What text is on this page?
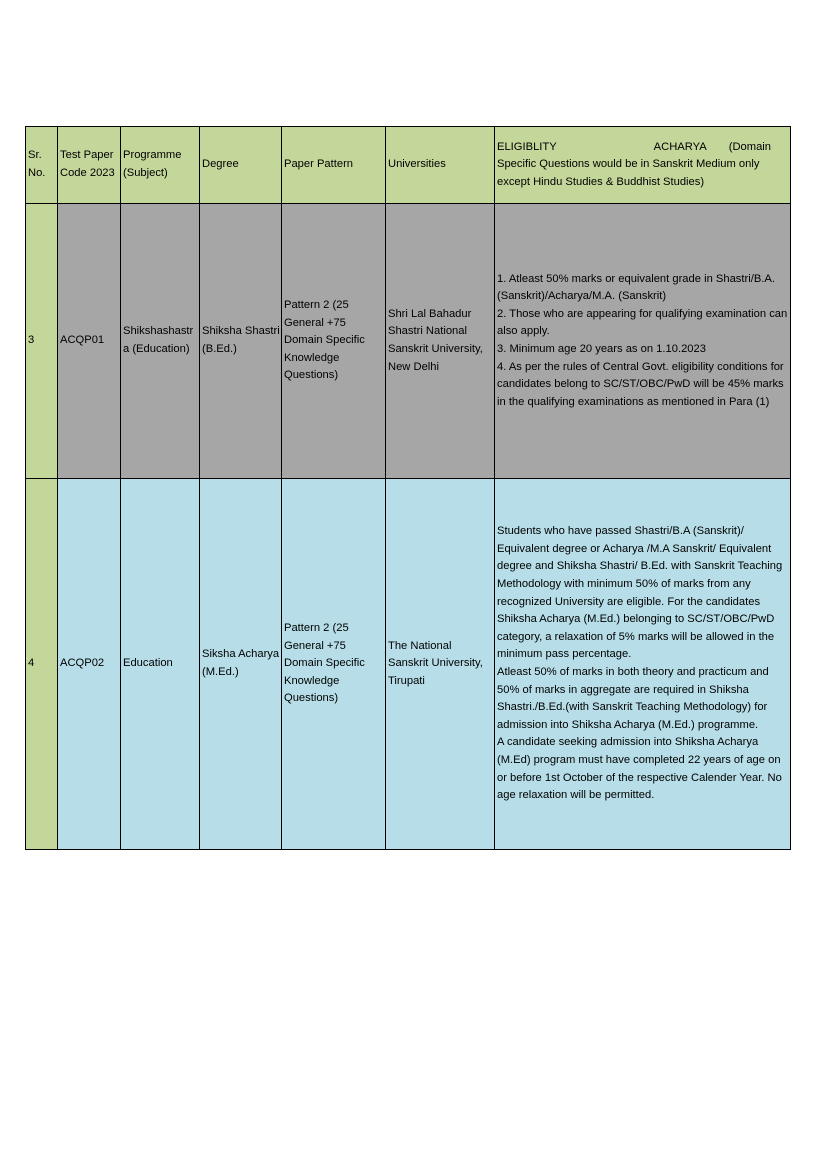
Sr. No.	Test Paper Code 2023	Programme (Subject)	Degree	Paper Pattern	Universities	ELIGIBLITY ACHARYA (Domain
Specific Questions would be in Sanskrit Medium only except Hindu Studies & Buddhist Studies)

3	ACQP01	Shikshashastra (Education)	Shiksha Shastri (B.Ed.)	Pattern 2 (25 General +75 Domain Specific Knowledge Questions)	Shri Lal Bahadur Shastri National Sanskrit University, New Delhi	1. Atleast 50% marks or equivalent grade in Shastri/B.A. (Sanskrit)/Acharya/M.A. (Sanskrit)
2. Those who are appearing for qualifying examination can also apply.
3. Minimum age 20 years as on 1.10.2023
4. As per the rules of Central Govt. eligibility conditions for candidates belong to SC/ST/OBC/PwD will be 45% marks in the qualifying examinations as mentioned in Para (1)

4	ACQP02	Education	Siksha Acharya (M.Ed.)	Pattern 2 (25 General +75 Domain Specific Knowledge Questions)	The National Sanskrit University, Tirupati	Students who have passed Shastri/B.A (Sanskrit)/ Equivalent degree or Acharya /M.A Sanskrit/ Equivalent degree and Shiksha Shastri/ B.Ed. with Sanskrit Teaching Methodology with minimum 50% of marks from any recognized University are eligible. For the candidates Shiksha Acharya (M.Ed.) belonging to SC/ST/OBC/PwD category, a relaxation of 5% marks will be allowed in the minimum pass percentage.
Atleast 50% of marks in both theory and practicum and 50% of marks in aggregate are required in Shiksha Shastri./B.Ed.(with Sanskrit Teaching Methodology) for admission into Shiksha Acharya (M.Ed.) programme.
A candidate seeking admission into Shiksha Acharya (M.Ed) program must have completed 22 years of age on or before 1st October of the respective Calender Year. No age relaxation will be permitted.
